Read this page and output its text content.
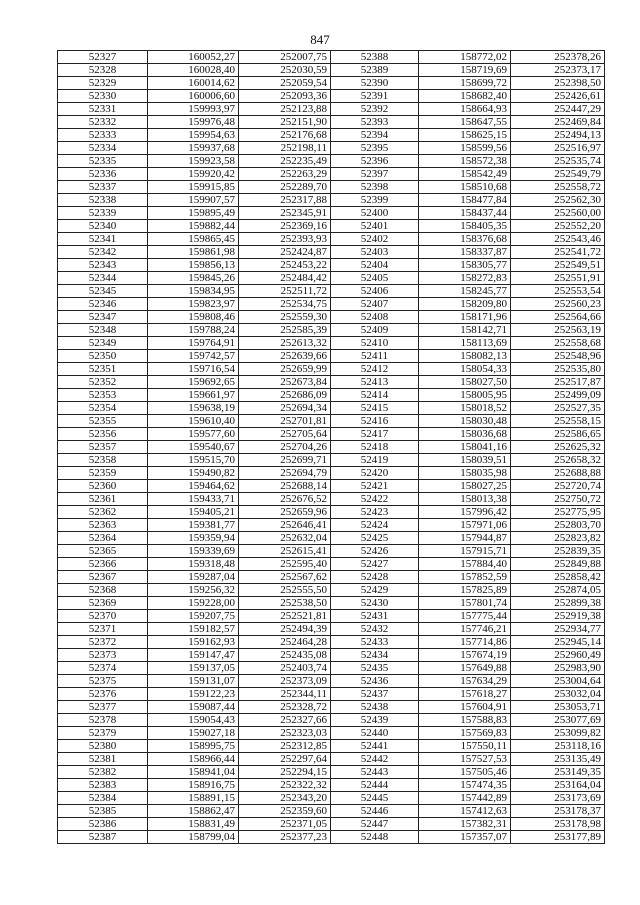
847
52327	160052,27	252007,75	52388	158772,02	252378,26
52328	160028,40	252030,59	52389	158719,69	252373,17
52329	160014,62	252059,54	52390	158699,72	252398,50
52330	160006,60	252093,36	52391	158682,40	252426,61
52331	159993,97	252123,88	52392	158664,93	252447,29
52332	159976,48	252151,90	52393	158647,55	252469,84
52333	159954,63	252176,68	52394	158625,15	252494,13
52334	159937,68	252198,11	52395	158599,56	252516,97
52335	159923,58	252235,49	52396	158572,38	252535,74
52336	159920,42	252263,29	52397	158542,49	252549,79
52337	159915,85	252289,70	52398	158510,68	252558,72
52338	159907,57	252317,88	52399	158477,84	252562,30
52339	159895,49	252345,91	52400	158437,44	252560,00
52340	159882,44	252369,16	52401	158405,35	252552,20
52341	159865,45	252393,93	52402	158376,68	252543,46
52342	159861,98	252424,87	52403	158337,87	252541,72
52343	159856,13	252453,22	52404	158305,77	252549,51
52344	159845,26	252484,42	52405	158272,83	252551,91
52345	159834,95	252511,72	52406	158245,77	252553,54
52346	159823,97	252534,75	52407	158209,80	252560,23
52347	159808,46	252559,30	52408	158171,96	252564,66
52348	159788,24	252585,39	52409	158142,71	252563,19
52349	159764,91	252613,32	52410	158113,69	252558,68
52350	159742,57	252639,66	52411	158082,13	252548,96
52351	159716,54	252659,99	52412	158054,33	252535,80
52352	159692,65	252673,84	52413	158027,50	252517,87
52353	159661,97	252686,09	52414	158005,95	252499,09
52354	159638,19	252694,34	52415	158018,52	252527,35
52355	159610,40	252701,81	52416	158030,48	252558,15
52356	159577,60	252705,64	52417	158036,68	252586,65
52357	159540,67	252704,26	52418	158041,16	252625,32
52358	159515,70	252699,71	52419	158039,51	252658,32
52359	159490,82	252694,79	52420	158035,98	252688,88
52360	159464,62	252688,14	52421	158027,25	252720,74
52361	159433,71	252676,52	52422	158013,38	252750,72
52362	159405,21	252659,96	52423	157996,42	252775,95
52363	159381,77	252646,41	52424	157971,06	252803,70
52364	159359,94	252632,04	52425	157944,87	252823,82
52365	159339,69	252615,41	52426	157915,71	252839,35
52366	159318,48	252595,40	52427	157884,40	252849,88
52367	159287,04	252567,62	52428	157852,59	252858,42
52368	159256,32	252555,50	52429	157825,89	252874,05
52369	159228,00	252538,50	52430	157801,74	252899,38
52370	159207,75	252521,81	52431	157775,44	252919,38
52371	159182,57	252494,39	52432	157746,21	252934,77
52372	159162,93	252464,28	52433	157714,86	252945,14
52373	159147,47	252435,08	52434	157674,19	252960,49
52374	159137,05	252403,74	52435	157649,88	252983,90
52375	159131,07	252373,09	52436	157634,29	253004,64
52376	159122,23	252344,11	52437	157618,27	253032,04
52377	159087,44	252328,72	52438	157604,91	253053,71
52378	159054,43	252327,66	52439	157588,83	253077,69
52379	159027,18	252323,03	52440	157569,83	253099,82
52380	158995,75	252312,85	52441	157550,11	253118,16
52381	158966,44	252297,64	52442	157527,53	253135,49
52382	158941,04	252294,15	52443	157505,46	253149,35
52383	158916,75	252322,32	52444	157474,35	253164,04
52384	158891,15	252343,20	52445	157442,89	253173,69
52385	158862,47	252359,60	52446	157412,63	253178,37
52386	158831,49	252371,05	52447	157382,31	253178,98
52387	158799,04	252377,23	52448	157357,07	253177,89
